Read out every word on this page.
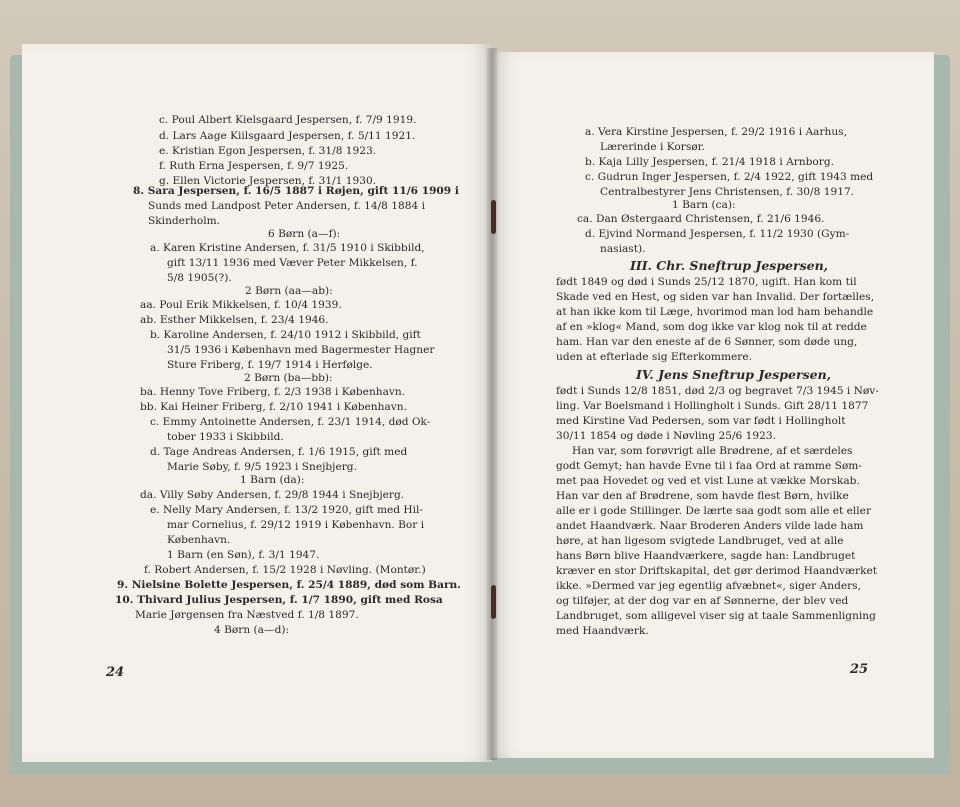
c. Poul Albert Kielsgaard Jespersen, f. 7/9 1919.
d. Lars Aage Kiilsgaard Jespersen, f. 5/11 1921.
e. Kristian Egon Jespersen, f. 31/8 1923.
f. Ruth Erna Jespersen, f. 9/7 1925.
g. Ellen Victorie Jespersen, f. 31/1 1930.
8. Sara Jespersen, f. 16/5 1887 i Røjen, gift 11/6 1909 i
Sunds med Landpost Peter Andersen, f. 14/8 1884 i
Skinderholm.
6 Børn (a—f):
a. Karen Kristine Andersen, f. 31/5 1910 i Skibbild,
gift 13/11 1936 med Væver Peter Mikkelsen, f.
5/8 1905(?).
2 Børn (aa—ab):
aa. Poul Erik Mikkelsen, f. 10/4 1939.
ab. Esther Mikkelsen, f. 23/4 1946.
b. Karoline Andersen, f. 24/10 1912 i Skibbild, gift
31/5 1936 i København med Bagermester Hagner
Sture Friberg, f. 19/7 1914 i Herfølge.
2 Børn (ba—bb):
ba. Henny Tove Friberg, f. 2/3 1938 i København.
bb. Kai Heiner Friberg, f. 2/10 1941 i København.
c. Emmy Antoinette Andersen, f. 23/1 1914, død Ok-
tober 1933 i Skibbild.
d. Tage Andreas Andersen, f. 1/6 1915, gift med
Marie Søby, f. 9/5 1923 i Snejbjerg.
1 Barn (da):
da. Villy Søby Andersen, f. 29/8 1944 i Snejbjerg.
e. Nelly Mary Andersen, f. 13/2 1920, gift med Hil-
mar Cornelius, f. 29/12 1919 i København. Bor i
København.
1 Barn (en Søn), f. 3/1 1947.
f. Robert Andersen, f. 15/2 1928 i Nøvling. (Montør.)
9. Nielsine Bolette Jespersen, f. 25/4 1889, død som Barn.
10. Thivard Julius Jespersen, f. 1/7 1890, gift med Rosa
Marie Jørgensen fra Næstved f. 1/8 1897.
4 Børn (a—d):
24
a. Vera Kirstine Jespersen, f. 29/2 1916 i Aarhus,
Lærerinde i Korsør.
b. Kaja Lilly Jespersen, f. 21/4 1918 i Arnborg.
c. Gudrun Inger Jespersen, f. 2/4 1922, gift 1943 med
Centralbestyrer Jens Christensen, f. 30/8 1917.
1 Barn (ca):
ca. Dan Østergaard Christensen, f. 21/6 1946.
d. Ejvind Normand Jespersen, f. 11/2 1930 (Gym-
nasiast).
III. Chr. Sneftrup Jespersen,
født 1849 og død i Sunds 25/12 1870, ugift. Han kom til
Skade ved en Hest, og siden var han Invalid. Der fortælles,
at han ikke kom til Læge, hvorimod man lod ham behandle
af en »klog« Mand, som dog ikke var klog nok til at redde
ham. Han var den eneste af de 6 Sønner, som døde ung,
uden at efterlade sig Efterkommere.
IV. Jens Sneftrup Jespersen,
født i Sunds 12/8 1851, død 2/3 og begravet 7/3 1945 i Nøv-
ling. Var Boelsmand i Hollingholt i Sunds. Gift 28/11 1877
med Kirstine Vad Pedersen, som var født i Hollingholt
30/11 1854 og døde i Nøvling 25/6 1923.
Han var, som forøvrigt alle Brødrene, af et særdeles
godt Gemyt; han havde Evne til i faa Ord at ramme Søm-
met paa Hovedet og ved et vist Lune at vække Morskab.
Han var den af Brødrene, som havde flest Børn, hvilke
alle er i gode Stillinger. De lærte saa godt som alle et eller
andet Haandværk. Naar Broderen Anders vilde lade ham
høre, at han ligesom svigtede Landbruget, ved at alle
hans Børn blive Haandværkere, sagde han: Landbruget
kræver en stor Driftskapital, det gør derimod Haandværket
ikke. »Dermed var jeg egentlig afvæbnet«, siger Anders,
og tilføjer, at der dog var en af Sønnerne, der blev ved
Landbruget, som alligevel viser sig at taale Sammenligning
med Haandværk.
25
